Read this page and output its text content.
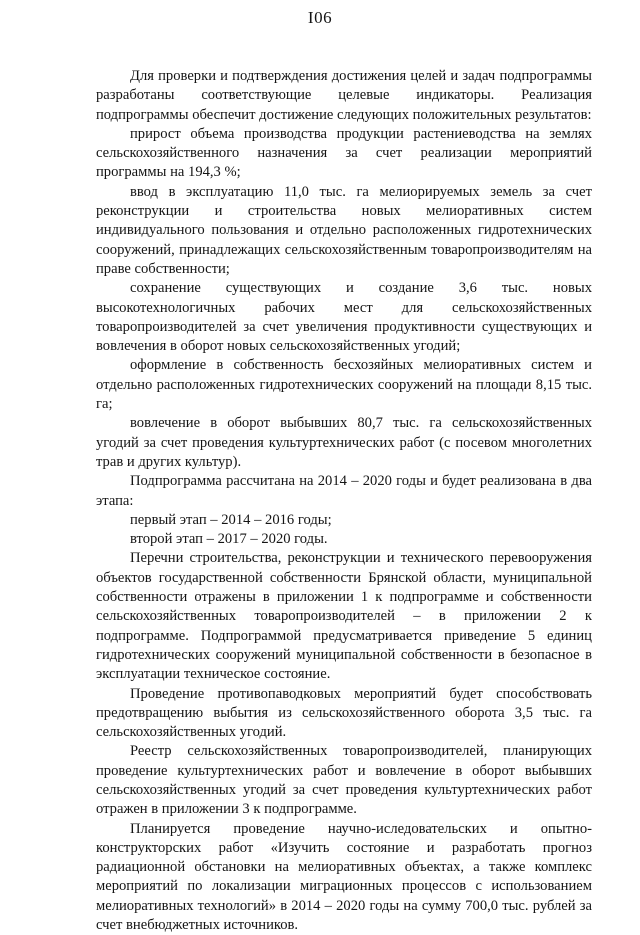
I06

Для проверки и подтверждения достижения целей и задач подпрограммы разработаны соответствующие целевые индикаторы. Реализация подпрограммы обеспечит достижение следующих положительных результатов:

прирост объема производства продукции растениеводства на землях сельскохозяйственного назначения за счет реализации мероприятий программы на 194,3 %;

ввод в эксплуатацию 11,0 тыс. га мелиорируемых земель за счет реконструкции и строительства новых мелиоративных систем индивидуального пользования и отдельно расположенных гидротехнических сооружений, принадлежащих сельскохозяйственным товаропроизводителям на праве собственности;

сохранение существующих и создание 3,6 тыс. новых высокотехнологичных рабочих мест для сельскохозяйственных товаропроизводителей за счет увеличения продуктивности существующих и вовлечения в оборот новых сельскохозяйственных угодий;

оформление в собственность бесхозяйных мелиоративных систем и отдельно расположенных гидротехнических сооружений на площади 8,15 тыс. га;

вовлечение в оборот выбывших 80,7 тыс. га сельскохозяйственных угодий за счет проведения культуртехнических работ (с посевом многолетних трав и других культур).

Подпрограмма рассчитана на 2014 – 2020 годы и будет реализована в два этапа:

первый этап – 2014 – 2016 годы;

второй этап – 2017 – 2020 годы.

Перечни строительства, реконструкции и технического перевооружения объектов государственной собственности Брянской области, муниципальной собственности отражены в приложении 1 к подпрограмме и собственности сельскохозяйственных товаропроизводителей – в приложении 2 к подпрограмме. Подпрограммой предусматривается приведение 5 единиц гидротехнических сооружений муниципальной собственности в безопасное в эксплуатации техническое состояние.

Проведение противопаводковых мероприятий будет способствовать предотвращению выбытия из сельскохозяйственного оборота 3,5 тыс. га сельскохозяйственных угодий.

Реестр сельскохозяйственных товаропроизводителей, планирующих проведение культуртехнических работ и вовлечение в оборот выбывших сельскохозяйственных угодий за счет проведения культуртехнических работ отражен в приложении 3 к подпрограмме.

Планируется проведение научно-иследовательских и опытно-конструкторских работ «Изучить состояние и разработать прогноз радиационной обстановки на мелиоративных объектах, а также комплекс мероприятий по локализации миграционных процессов с использованием мелиоративных технологий» в 2014 – 2020 годы на сумму 700,0 тыс. рублей за счет внебюджетных источников.
